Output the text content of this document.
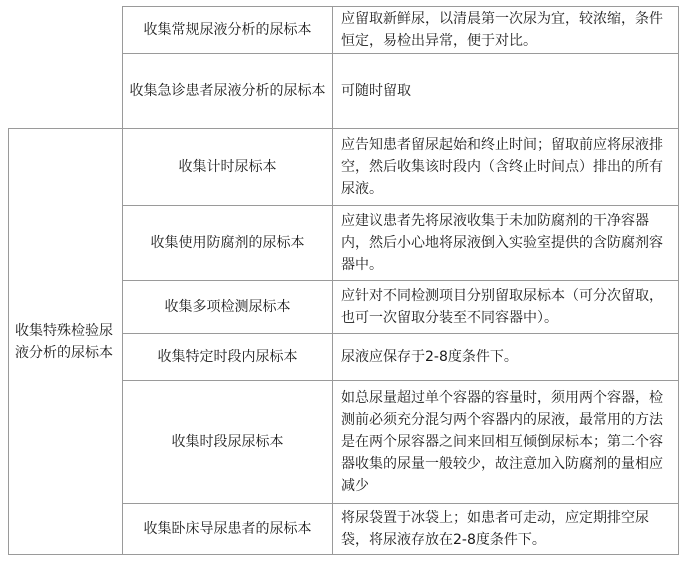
	收集常规尿液分析的尿标本	应留取新鲜尿，以清晨第一次尿为宜，较浓缩，条件恒定，易检出异常，便于对比。
	收集急诊患者尿液分析的尿标本	可随时留取
收集特殊检验尿液分析的尿标本	收集计时尿标本	应告知患者留尿起始和终止时间；留取前应将尿液排空，然后收集该时段内（含终止时间点）排出的所有尿液。
	收集使用防腐剂的尿标本	应建议患者先将尿液收集于未加防腐剂的干净容器内，然后小心地将尿液倒入实验室提供的含防腐剂容器中。
	收集多项检测尿标本	应针对不同检测项目分别留取尿标本（可分次留取，也可一次留取分装至不同容器中）。
	收集特定时段内尿标本	尿液应保存于2-8度条件下。
	收集时段尿尿标本	如总尿量超过单个容器的容量时，须用两个容器，检测前必须充分混匀两个容器内的尿液，最常用的方法是在两个尿容器之间来回相互倾倒尿标本；第二个容器收集的尿量一般较少，故注意加入防腐剂的量相应减少
	收集卧床导尿患者的尿标本	将尿袋置于冰袋上；如患者可走动，应定期排空尿袋，将尿液存放在2-8度条件下。
